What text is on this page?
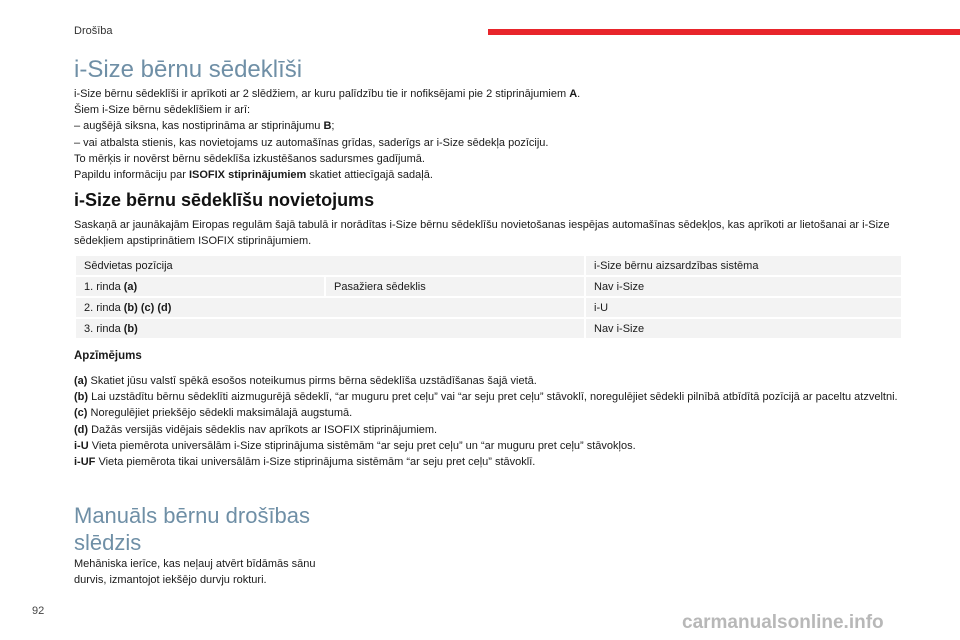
Drošība
i-Size bērnu sēdeklīši

i-Size bērnu sēdeklīši ir aprīkoti ar 2 slēdžiem, ar kuru palīdzību tie ir nofiksējami pie 2 stiprinājumiem A.

Šiem i-Size bērnu sēdeklīšiem ir arī:

– augšējā siksna, kas nostiprināma ar stiprinājumu B;

– vai atbalsta stienis, kas novietojams uz automašīnas grīdas, saderīgs ar i-Size sēdekļa pozīciju.

To mērķis ir novērst bērnu sēdeklīša izkustēšanos sadursmes gadījumā.

Papildu informāciju par ISOFIX stiprinājumiem skatiet attiecīgajā sadaļā.

i-Size bērnu sēdeklīšu novietojums
Saskaņā ar jaunākajām Eiropas regulām šajā tabulā ir norādītas i-Size bērnu sēdeklīšu novietošanas iespējas automašīnas sēdekļos, kas aprīkoti ar lietošanai ar i-Size sēdekļiem apstiprinātiem ISOFIX stiprinājumiem.
Sēdvietas pozīcija		i-Size bērnu aizsardzības sistēma
1. rinda (a)	Pasažiera sēdeklis	Nav i-Size
2. rinda (b) (c) (d)		i-U
3. rinda (b)		Nav i-Size
Apzīmējums

(a) Skatiet jūsu valstī spēkā esošos noteikumus pirms bērna sēdeklīša uzstādīšanas šajā vietā.

(b) Lai uzstādītu bērnu sēdeklīti aizmugurējā sēdeklī, “ar muguru pret ceļu” vai “ar seju pret ceļu” stāvoklī, noregulējiet sēdekli pilnībā atbīdītā pozīcijā ar paceltu atzveltni.

(c) Noregulējiet priekšējo sēdekli maksimālajā augstumā.

(d) Dažās versijās vidējais sēdeklis nav aprīkots ar ISOFIX stiprinājumiem.

i-U Vieta piemērota universālām i-Size stiprinājuma sistēmām “ar seju pret ceļu” un “ar muguru pret ceļu” stāvokļos.

i-UF Vieta piemērota tikai universālām i-Size stiprinājuma sistēmām “ar seju pret ceļu” stāvoklī.

Manuāls bērnu drošības slēdzis
Mehāniska ierīce, kas neļauj atvērt bīdāmās sānu durvis, izmantojot iekšējo durvju rokturi.
92
carmanualsonline.info
